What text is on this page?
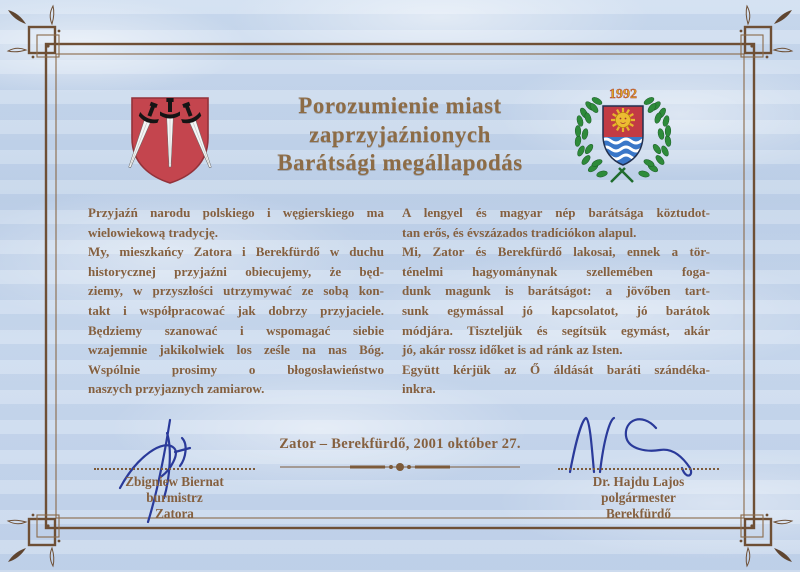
Porozumienie miast
zaprzyjaźnionych
Barátsági megállapodás
1992
Przyjaźń narodu polskiego i węgierskiego ma
wielowiekową tradycję.
My, mieszkańcy Zatora i Berekfürdő w duchu
historycznej przyjaźni obiecujemy, że będ-
ziemy, w przyszłości utrzymywać ze sobą kon-
takt i współpracować jak dobrzy przyjaciele.
Będziemy szanować i wspomagać siebie
wzajemnie jakikolwiek los ześle na nas Bóg.
Wspólnie prosimy o błogosławieństwo
naszych przyjaznych zamiarow.
A lengyel és magyar nép barátsága köztudot-
tan erős, és évszázados tradíciókon alapul.
Mi, Zator és Berekfürdő lakosai, ennek a tör-
ténelmi hagyománynak szellemében foga-
dunk magunk is barátságot: a jövőben tart-
sunk egymással jó kapcsolatot, jó barátok
módjára. Tiszteljük és segítsük egymást, akár
jó, akár rossz időket is ad ránk az Isten.
Együtt kérjük az Ő áldását baráti szándéka-
inkra.
Zator – Berekfürdő, 2001 október 27.
Zbigniew Biernat
burmistrz
Zatora
Dr. Hajdu Lajos
polgármester
Berekfürdő
